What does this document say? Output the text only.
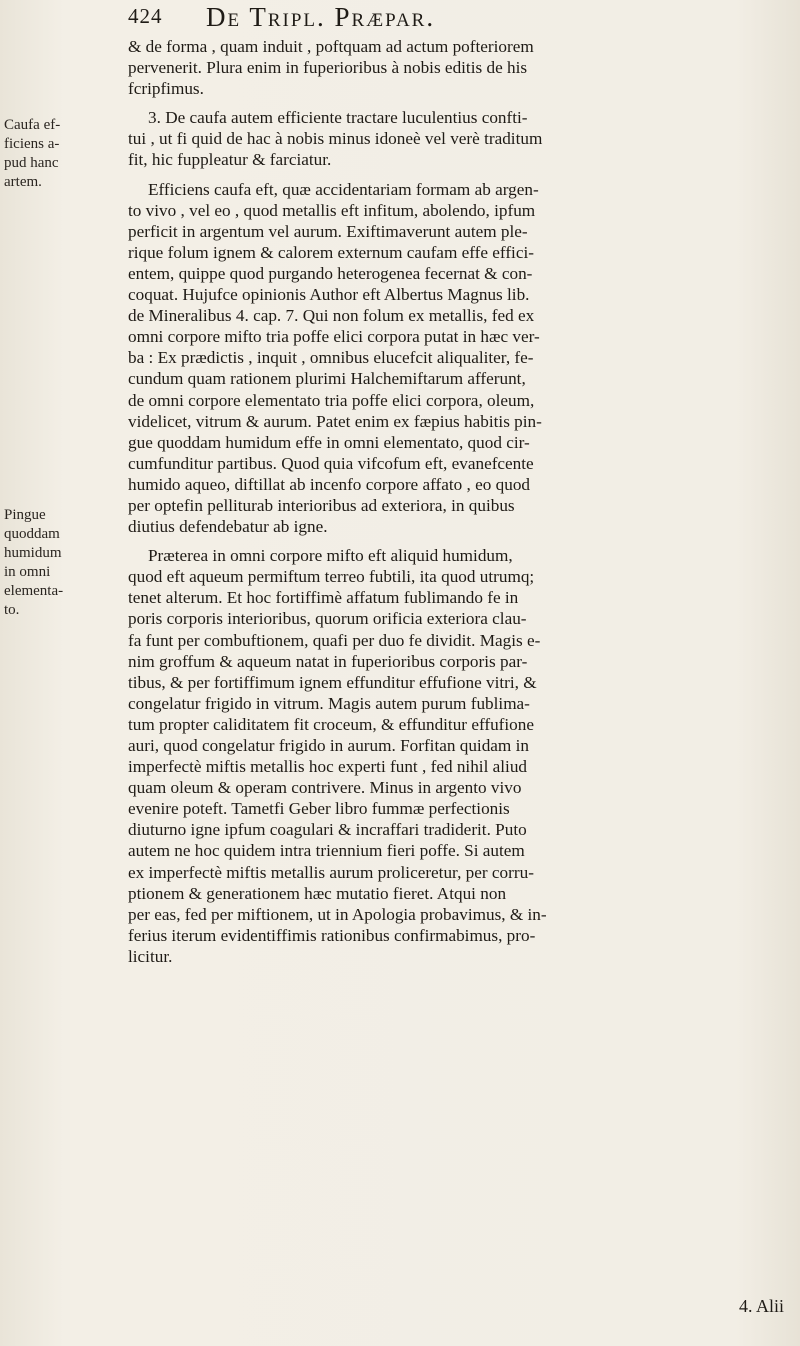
424 De Tripl. Præpar.
Caufa ef-
ficiens a-
pud hanc
artem.
Pingue
quoddam
humidum
in omni
elementa-
to.

& de forma , quam induit , poftquam ad actum pofteriorem
pervenerit. Plura enim in fuperioribus à nobis editis de his
fcripfimus.

3. De caufa autem efficiente tractare luculentius confti-
tui , ut fi quid de hac à nobis minus idoneè vel verè traditum
fit, hic fuppleatur & farciatur.

Efficiens caufa eft, quæ accidentariam formam ab argen-
to vivo , vel eo , quod metallis eft infitum, abolendo, ipfum
perficit in argentum vel aurum. Exiftimaverunt autem ple-
rique folum ignem & calorem externum caufam effe effici-
entem, quippe quod purgando heterogenea fecernat & con-
coquat. Hujufce opinionis Author eft Albertus Magnus lib.
de Mineralibus 4. cap. 7. Qui non folum ex metallis, fed ex
omni corpore mifto tria poffe elici corpora putat in hæc ver-
ba : Ex prædictis , inquit , omnibus elucefcit aliqualiter, fe-
cundum quam rationem plurimi Halchemiftarum afferunt,
de omni corpore elementato tria poffe elici corpora, oleum,
videlicet, vitrum & aurum. Patet enim ex fæpius habitis pin-
gue quoddam humidum effe in omni elementato, quod cir-
cumfunditur partibus. Quod quia vifcofum eft, evanefcente
humido aqueo, diftillat ab incenfo corpore affato , eo quod
per optefin pelliturab interioribus ad exteriora, in quibus
diutius defendebatur ab igne.

Præterea in omni corpore mifto eft aliquid humidum,
quod eft aqueum permiftum terreo fubtili, ita quod utrumq;
tenet alterum. Et hoc fortiffimè affatum fublimando fe in
poris corporis interioribus, quorum orificia exteriora clau-
fa funt per combuftionem, quafi per duo fe dividit. Magis e-
nim groffum & aqueum natat in fuperioribus corporis par-
tibus, & per fortiffimum ignem effunditur effufione vitri, &
congelatur frigido in vitrum. Magis autem purum fublima-
tum propter caliditatem fit croceum, & effunditur effufione
auri, quod congelatur frigido in aurum. Forfitan quidam in
imperfectè miftis metallis hoc experti funt , fed nihil aliud
quam oleum & operam contrivere. Minus in argento vivo
evenire poteft. Tametfi Geber libro fummæ perfectionis
diuturno igne ipfum coagulari & incraffari tradiderit. Puto
autem ne hoc quidem intra triennium fieri poffe. Si autem
ex imperfectè miftis metallis aurum proliceretur, per corru-
ptionem & generationem hæc mutatio fieret. Atqui non
per eas, fed per miftionem, ut in Apologia probavimus, & in-
ferius iterum evidentiffimis rationibus confirmabimus, pro-
licitur.

4. Alii
